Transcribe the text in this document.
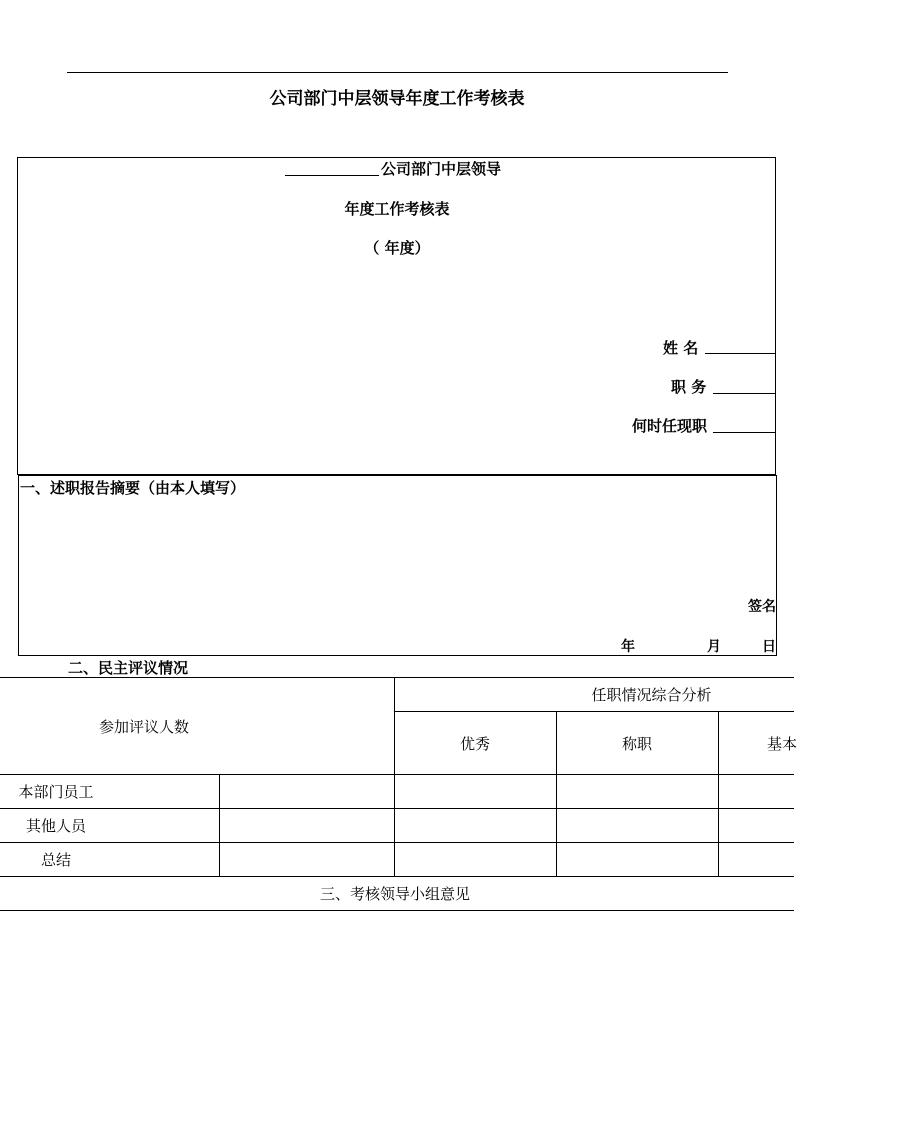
公司部门中层领导年度工作考核表
公司部门中层领导
年度工作考核表
（ 年度）
姓 名
职 务
何时任现职
一、述职报告摘要（由本人填写）
签名
年	月	日
二、民主评议情况
参加评议人数
任职情况综合分析
优秀	称职	基本
本部门员工
其他人员
总结
三、考核领导小组意见
